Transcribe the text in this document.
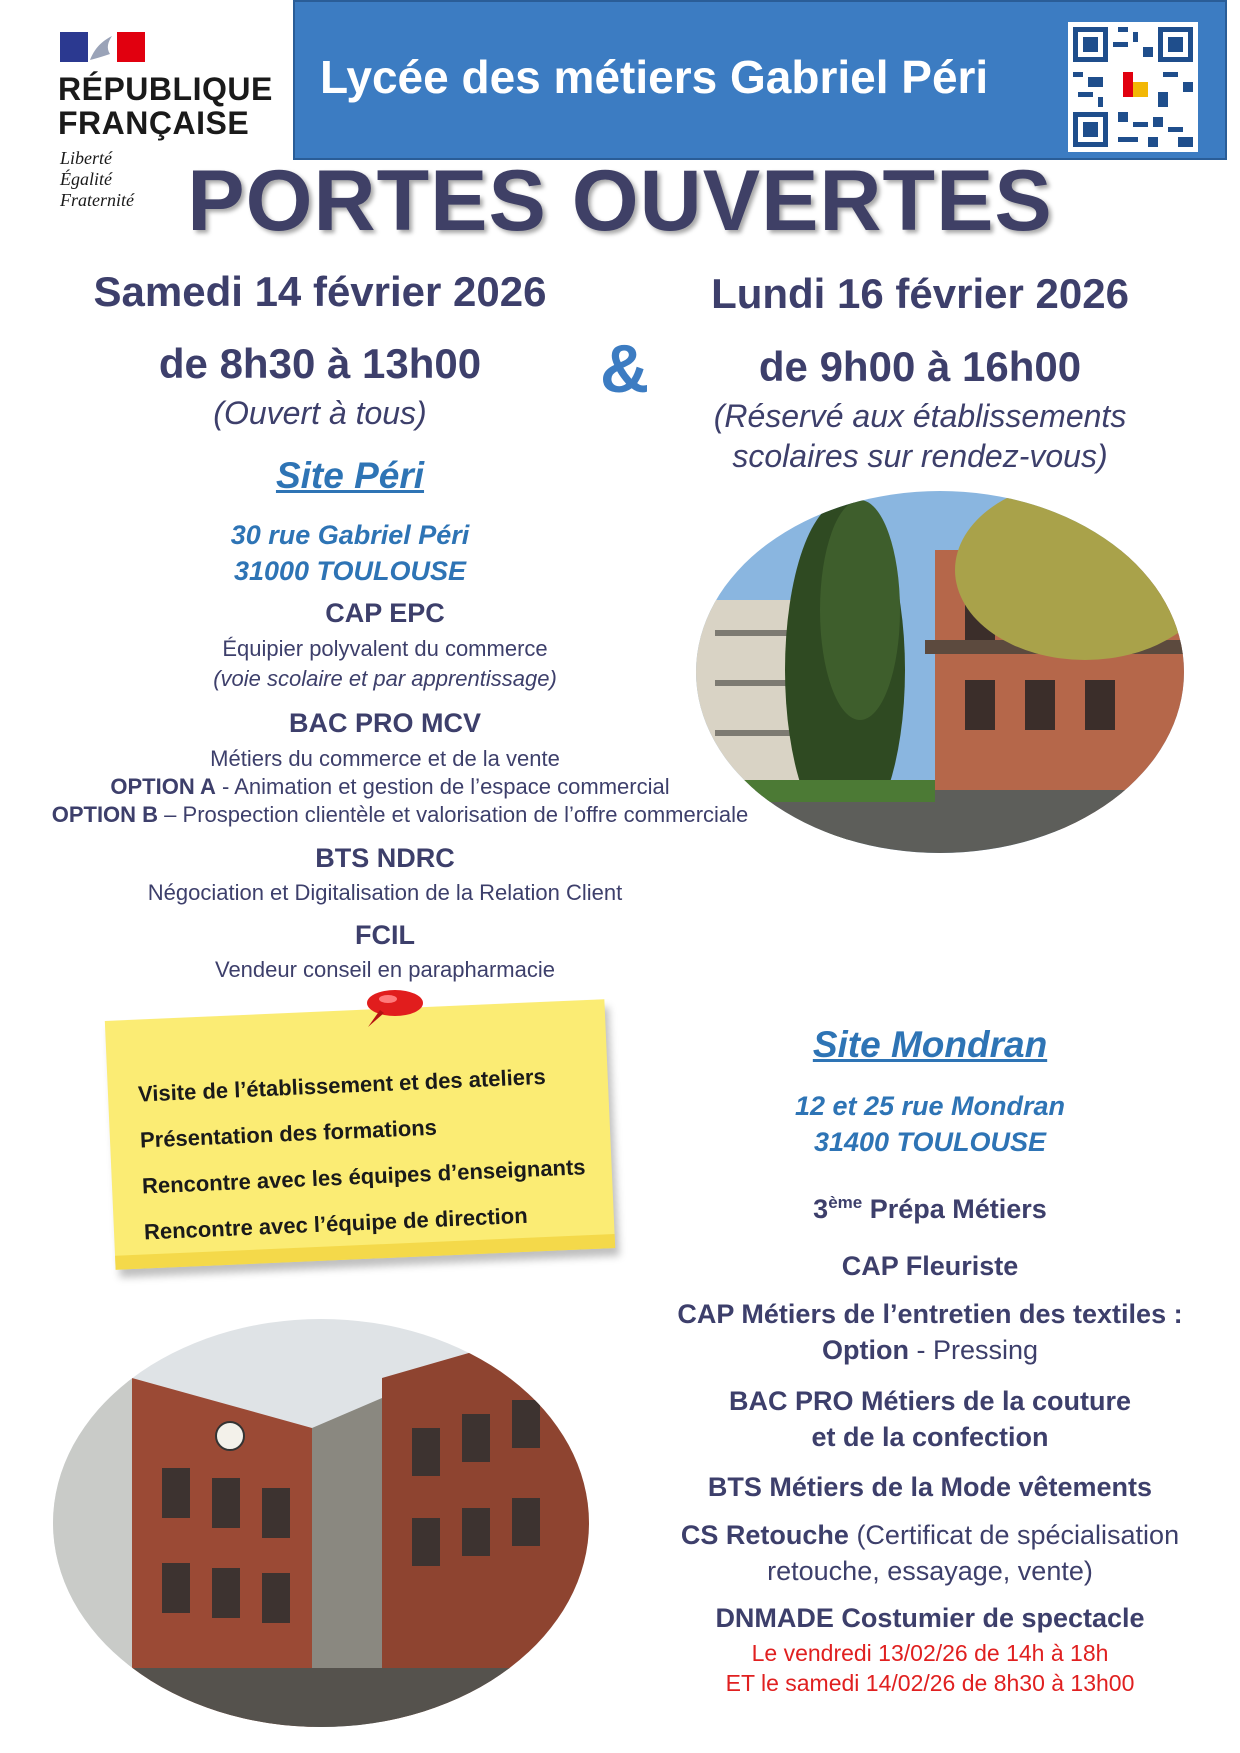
RÉPUBLIQUE
FRANÇAISE
Liberté
Égalité
Fraternité
Lycée des métiers Gabriel Péri
PORTES OUVERTES
Samedi 14 février 2026
de 8h30 à 13h00
(Ouvert à tous)
&
Lundi 16 février 2026
de 9h00 à 16h00
(Réservé aux établissements
scolaires sur rendez-vous)
Site Péri
30 rue Gabriel Péri
31000 TOULOUSE
CAP EPC
Équipier polyvalent du commerce
(voie scolaire et par apprentissage)
BAC PRO MCV
Métiers du commerce et de la vente
OPTION A - Animation et gestion de l’espace commercial
OPTION B – Prospection clientèle et valorisation de l’offre commerciale
BTS NDRC
Négociation et Digitalisation de la Relation Client
FCIL
Vendeur conseil en parapharmacie
Visite de l’établissement et des ateliers
Présentation des formations
Rencontre avec les équipes d’enseignants
Rencontre avec l’équipe de direction
Site Mondran
12 et 25 rue Mondran
31400 TOULOUSE
3ème Prépa Métiers
CAP Fleuriste
CAP Métiers de l’entretien des textiles :
Option - Pressing
BAC PRO Métiers de la couture
et de la confection
BTS Métiers de la Mode vêtements
CS Retouche (Certificat de spécialisation
retouche, essayage, vente)
DNMADE Costumier de spectacle
Le vendredi 13/02/26 de 14h à 18h
ET le samedi 14/02/26 de 8h30 à 13h00
